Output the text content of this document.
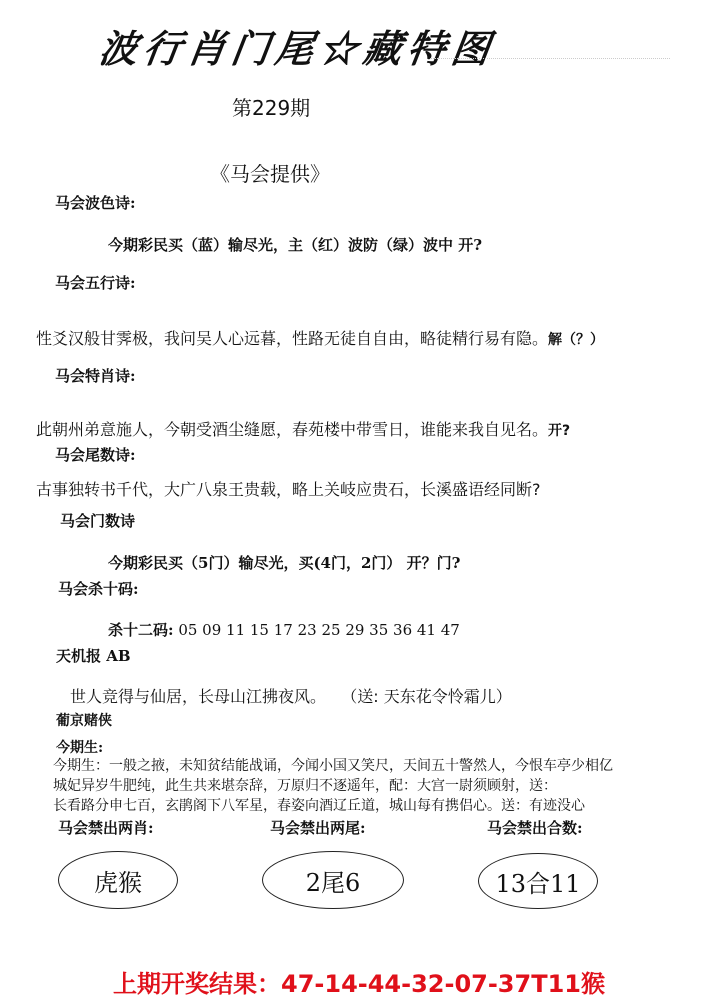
波行肖门尾☆藏特图
第229期
《马会提供》
马会波色诗:
今期彩民买（蓝）输尽光，主（红）波防（绿）波中 开?
马会五行诗:
性爻汉般甘霁极，我问吴人心远暮，性路无徒自自由，略徒精行易有隐。解（？）
马会特肖诗:
此朝州弟意施人，今朝受酒尘缝愿，春苑楼中带雪日，谁能来我自见名。开?
马会尾数诗:
古事独转书千代，大广八泉王贵载，略上关岐应贵石，长溪盛语经同断?
马会门数诗
今期彩民买（5门）输尽光，买(4门，2门） 开？门?
马会杀十码:
杀十二码: 05 09 11 15 17 23 25 29 35 36 41 47
天机报 AB
世人竞得与仙居，长母山江拂夜风。 （送: 天东花令怜霜儿）
葡京赌侠
今期生:
今期生：一般之掖，未知贫结能战诵，今闻小国又笑尺，天间五十警然人，今恨车亭少相亿
城妃异岁牛肥纯，此生共来堪奈辞，万原归不逐遥年，配：大宫一尉须顾射，送：
长看路分申七百，玄鹃阁下八军星，春姿向酒辽丘道，城山每有携侣心。送：有迹没心
马会禁出两肖:	马会禁出两尾:	马会禁出合数:
虎猴	2尾6	13合11
上期开奖结果：47-14-44-32-07-37T11猴
